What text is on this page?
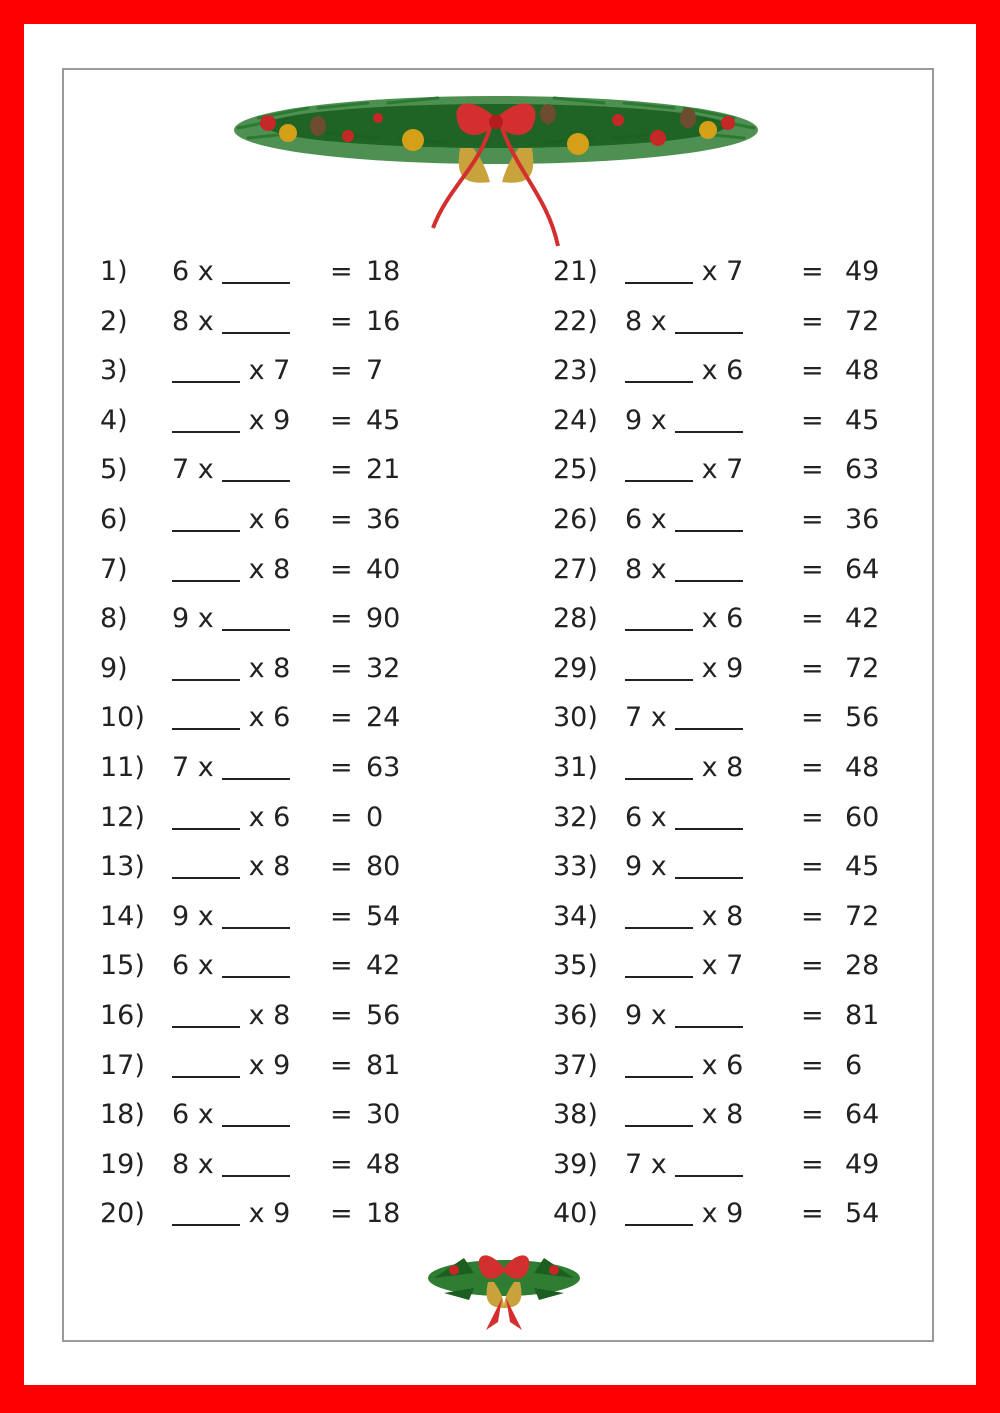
1) 6 x	= 18
2) 8 x	= 16
3)	x 7 = 7
4)	x 9 = 45
5) 7 x	= 21
6)	x 6 = 36
7)	x 8 = 40
8) 9 x	= 90
9)	x 8 = 32
10)	x 6 = 24
11) 7 x	= 63
12)	x 6 = 0
13)	x 8 = 80
14) 9 x	= 54
15) 6 x	= 42
16)	x 8 = 56
17)	x 9 = 81
18) 6 x	= 30
19) 8 x	= 48
20)	x 9 = 18
21)	x 7 = 49
22) 8 x	= 72
23)	x 6 = 48
24) 9 x	= 45
25)	x 7 = 63
26) 6 x	= 36
27) 8 x	= 64
28)	x 6 = 42
29)	x 9 = 72
30) 7 x	= 56
31)	x 8 = 48
32) 6 x	= 60
33) 9 x	= 45
34)	x 8 = 72
35)	x 7 = 28
36) 9 x	= 81
37)	x 6 = 6
38)	x 8 = 64
39) 7 x	= 49
40)	x 9 = 54
